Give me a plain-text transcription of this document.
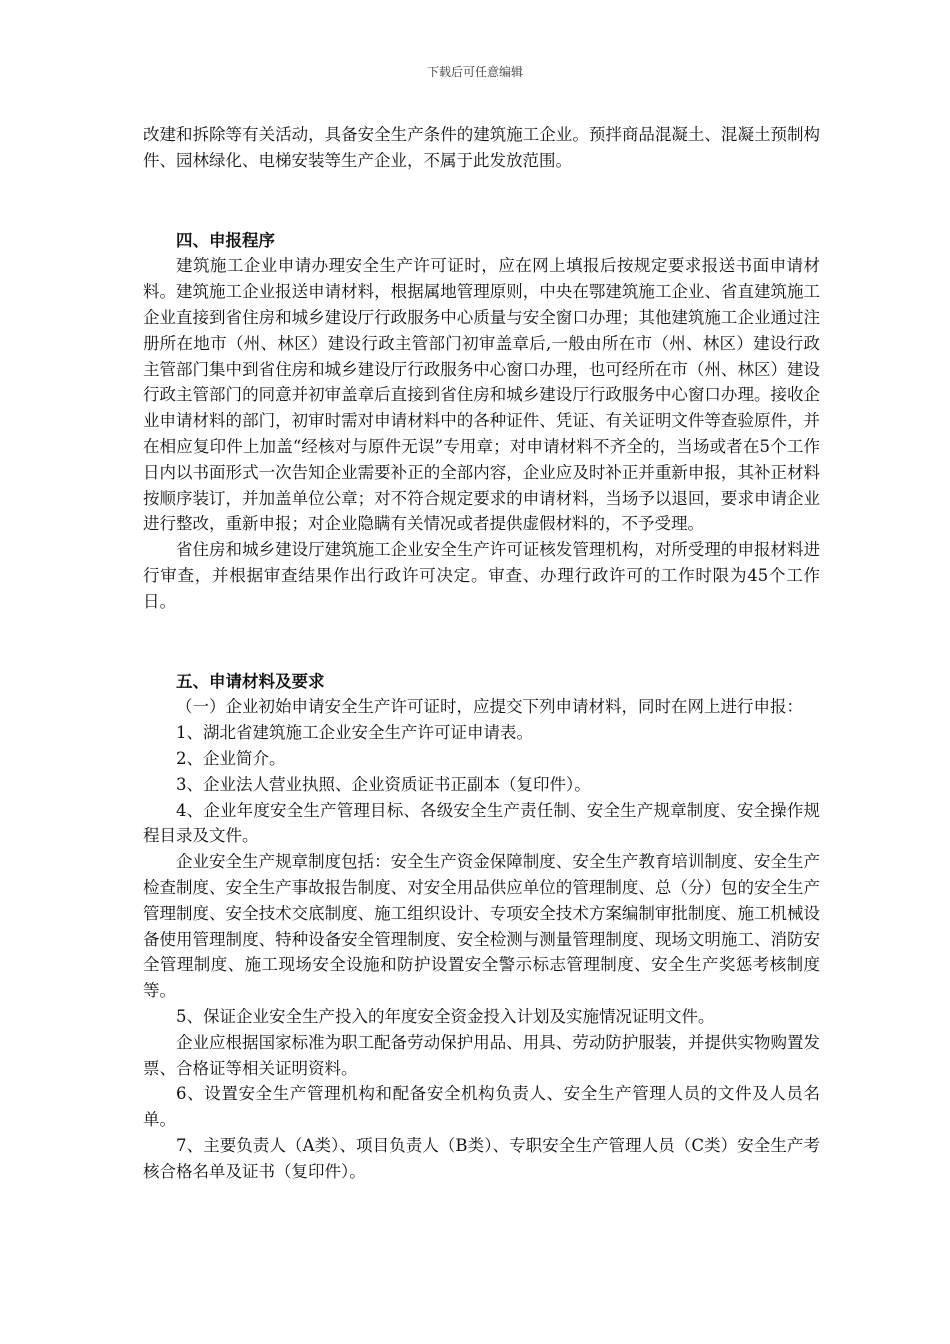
下载后可任意编辑

改建和拆除等有关活动，具备安全生产条件的建筑施工企业。预拌商品混凝土、混凝土预制构件、园林绿化、电梯安装等生产企业，不属于此发放范围。

四、申报程序

建筑施工企业申请办理安全生产许可证时，应在网上填报后按规定要求报送书面申请材料。建筑施工企业报送申请材料，根据属地管理原则，中央在鄂建筑施工企业、省直建筑施工企业直接到省住房和城乡建设厅行政服务中心质量与安全窗口办理；其他建筑施工企业通过注册所在地市（州、林区）建设行政主管部门初审盖章后,一般由所在市（州、林区）建设行政主管部门集中到省住房和城乡建设厅行政服务中心窗口办理，也可经所在市（州、林区）建设行政主管部门的同意并初审盖章后直接到省住房和城乡建设厅行政服务中心窗口办理。接收企业申请材料的部门，初审时需对申请材料中的各种证件、凭证、有关证明文件等查验原件，并在相应复印件上加盖“经核对与原件无误”专用章；对申请材料不齐全的，当场或者在5个工作日内以书面形式一次告知企业需要补正的全部内容，企业应及时补正并重新申报，其补正材料按顺序装订，并加盖单位公章；对不符合规定要求的申请材料，当场予以退回，要求申请企业进行整改，重新申报；对企业隐瞒有关情况或者提供虚假材料的，不予受理。

省住房和城乡建设厅建筑施工企业安全生产许可证核发管理机构，对所受理的申报材料进行审查，并根据审查结果作出行政许可决定。审查、办理行政许可的工作时限为45个工作日。

五、申请材料及要求

（一）企业初始申请安全生产许可证时，应提交下列申请材料，同时在网上进行申报：

1、湖北省建筑施工企业安全生产许可证申请表。

2、企业简介。

3、企业法人营业执照、企业资质证书正副本（复印件）。

4、企业年度安全生产管理目标、各级安全生产责任制、安全生产规章制度、安全操作规程目录及文件。

企业安全生产规章制度包括：安全生产资金保障制度、安全生产教育培训制度、安全生产检查制度、安全生产事故报告制度、对安全用品供应单位的管理制度、总（分）包的安全生产管理制度、安全技术交底制度、施工组织设计、专项安全技术方案编制审批制度、施工机械设备使用管理制度、特种设备安全管理制度、安全检测与测量管理制度、现场文明施工、消防安全管理制度、施工现场安全设施和防护设置安全警示标志管理制度、安全生产奖惩考核制度等。

5、保证企业安全生产投入的年度安全资金投入计划及实施情况证明文件。

企业应根据国家标准为职工配备劳动保护用品、用具、劳动防护服装，并提供实物购置发票、合格证等相关证明资料。

6、设置安全生产管理机构和配备安全机构负责人、安全生产管理人员的文件及人员名单。

7、主要负责人（A类）、项目负责人（B类）、专职安全生产管理人员（C类）安全生产考核合格名单及证书（复印件）。
